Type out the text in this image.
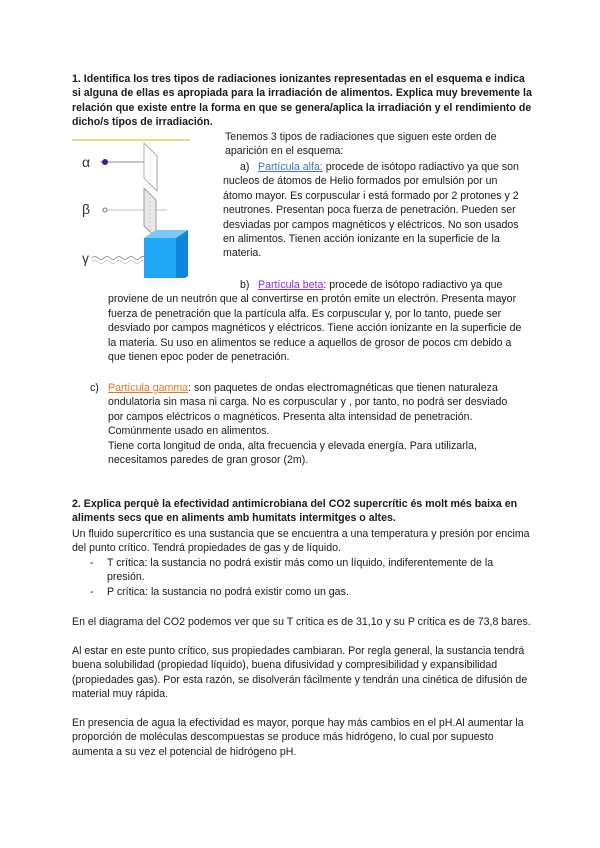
1. Identifica los tres tipos de radiaciones ionizantes representadas en el esquema e indica si alguna de ellas es apropiada para la irradiación de alimentos. Explica muy brevemente la relación que existe entre la forma en que se genera/aplica la irradiación y el rendimiento de dicho/s tipos de irradiación.
α
β
γ
Tenemos 3 tipos de radiaciones que siguen este orden de aparición en el esquema:
a) Partícula alfa: procede de isótopo radiactivo ya que son nucleos de átomos de Helio formados por emulsión por un átomo mayor. Es corpuscular i está formado por 2 protones y 2 neutrones. Presentan poca fuerza de penetración. Pueden ser desviadas por campos magnéticos y eléctricos. No son usados en alimentos. Tienen acción ionizante en la superficie de la materia.
b) Partícula beta: procede de isótopo radiactivo ya que proviene de un neutrón que al convertirse en protón emite un electrón. Presenta mayor fuerza de penetración que la partícula alfa. Es corpuscular y, por lo tanto, puede ser desviado por campos magnéticos y eléctricos. Tiene acción ionizante en la superficie de la materia. Su uso en alimentos se reduce a aquellos de grosor de pocos cm debido a que tienen epoc poder de penetración.
c) Partícula gamma: son paquetes de ondas electromagnéticas que tienen naturaleza ondulatoria sin masa ni carga. No es corpuscular y , por tanto, no podrá ser desviado por campos eléctricos o magnéticos. Presenta alta intensidad de penetración. Comúnmente usado en alimentos.
Tiene corta longitud de onda, alta frecuencia y elevada energía. Para utilizarla, necesitamos paredes de gran grosor (2m).
2. Explica perquè la efectividad antimicrobiana del CO2 supercrític és molt més baixa en aliments secs que en aliments amb humitats intermitges o altes.
Un fluido supercrítico es una sustancia que se encuentra a una temperatura y presión por encima del punto crítico. Tendrá propiedades de gas y de líquido.
- T crítica: la sustancia no podrá existir más como un líquido, indiferentemente de la presión.
- P crítica: la sustancia no podrá existir como un gas.
En el diagrama del CO2 podemos ver que su T crítica es de 31,1o y su P crítica es de 73,8 bares.
Al estar en este punto crítico, sus propiedades cambiaran. Por regla general, la sustancia tendrá buena solubilidad (propiedad líquido), buena difusividad y compresibilidad y expansibilidad (propiedades gas). Por esta razón, se disolverán fácilmente y tendrán una cinética de difusión de material muy rápida.
En presencia de agua la efectividad es mayor, porque hay más cambios en el pH.Al aumentar la proporción de moléculas descompuestas se produce más hidrógeno, lo cual por supuesto aumenta a su vez el potencial de hidrógeno pH.
